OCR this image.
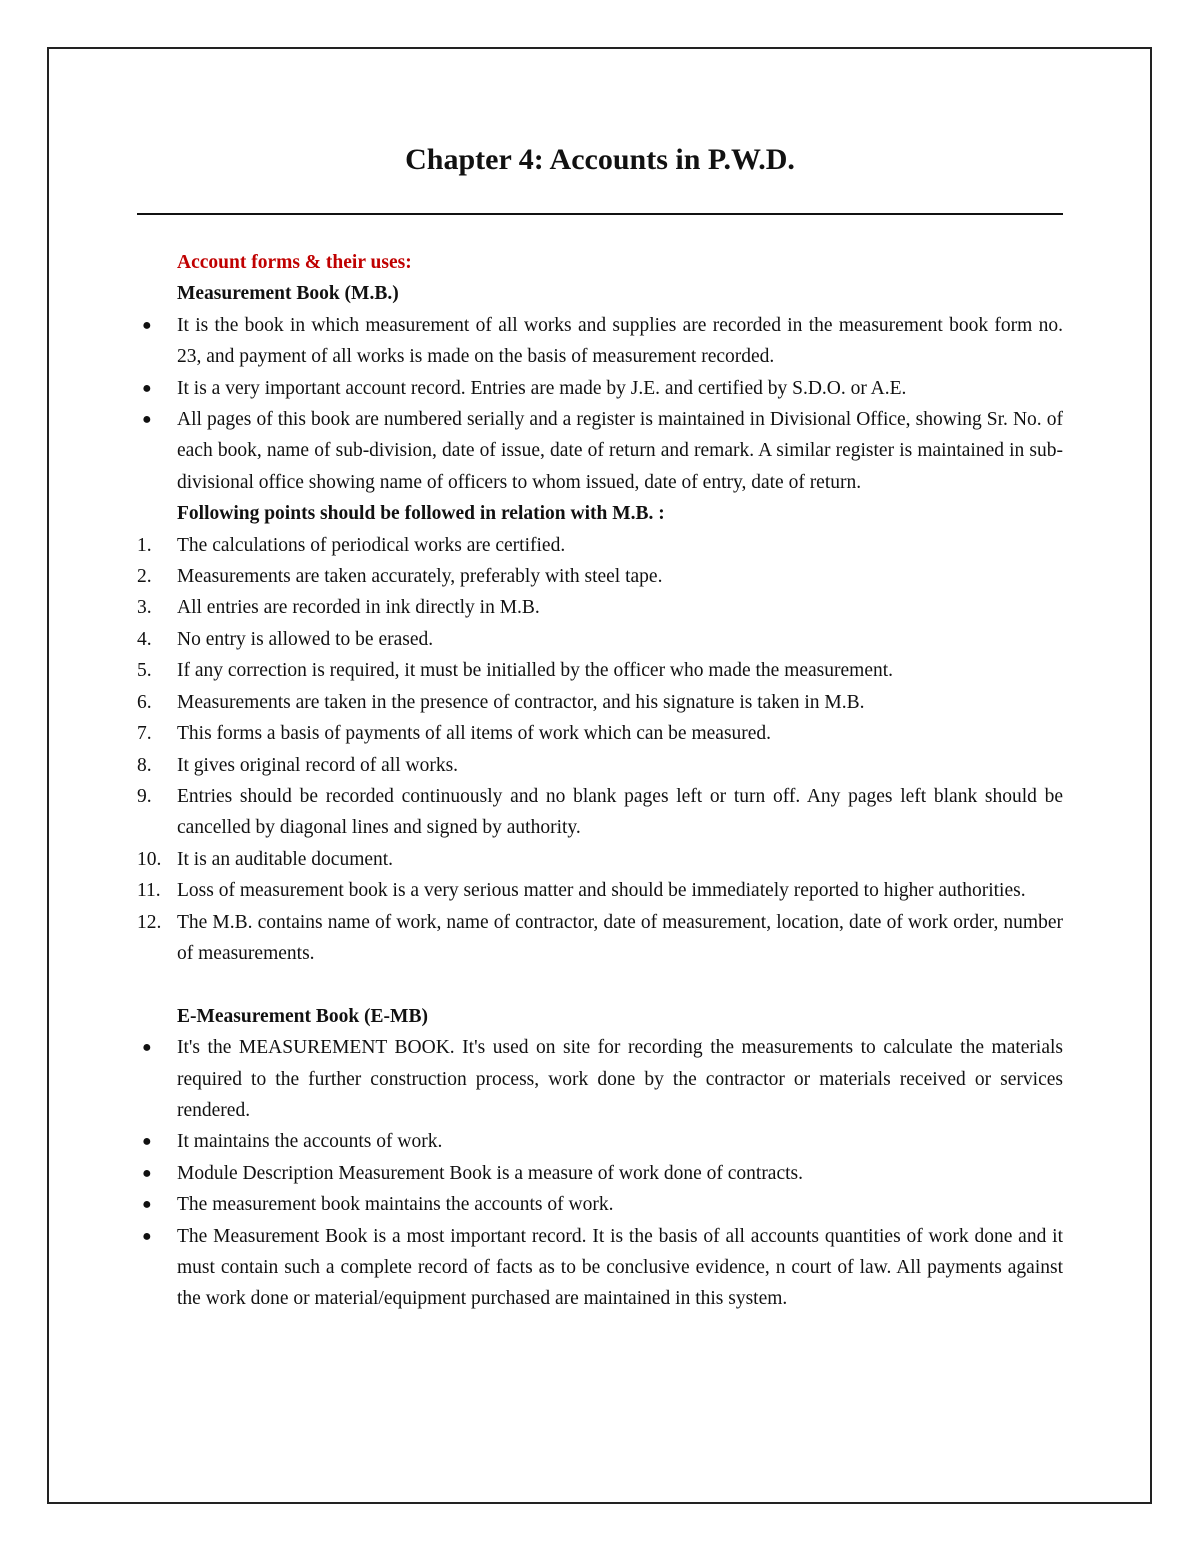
Chapter 4: Accounts in P.W.D.

Account forms & their uses:

Measurement Book (M.B.)

●	It is the book in which measurement of all works and supplies are recorded in the measurement book form no. 23, and payment of all works is made on the basis of measurement recorded.
●	It is a very important account record. Entries are made by J.E. and certified by S.D.O. or A.E.
●	All pages of this book are numbered serially and a register is maintained in Divisional Office, showing Sr. No. of each book, name of sub-division, date of issue, date of return and remark. A similar register is maintained in sub-divisional office showing name of officers to whom issued, date of entry, date of return.

Following points should be followed in relation with M.B. :

1.	The calculations of periodical works are certified.
2.	Measurements are taken accurately, preferably with steel tape.
3.	All entries are recorded in ink directly in M.B.
4.	No entry is allowed to be erased.
5.	If any correction is required, it must be initialled by the officer who made the measurement.
6.	Measurements are taken in the presence of contractor, and his signature is taken in M.B.
7.	This forms a basis of payments of all items of work which can be measured.
8.	It gives original record of all works.
9.	Entries should be recorded continuously and no blank pages left or turn off. Any pages left blank should be cancelled by diagonal lines and signed by authority.
10. It is an auditable document.
11. Loss of measurement book is a very serious matter and should be immediately reported to higher authorities.
12. The M.B. contains name of work, name of contractor, date of measurement, location, date of work order, number of measurements.

E-Measurement Book (E-MB)

●	It's the MEASUREMENT BOOK. It's used on site for recording the measurements to calculate the materials required to the further construction process, work done by the contractor or materials received or services rendered.
●	It maintains the accounts of work.
●	Module Description Measurement Book is a measure of work done of contracts.
●	The measurement book maintains the accounts of work.
●	The Measurement Book is a most important record. It is the basis of all accounts quantities of work done and it must contain such a complete record of facts as to be conclusive evidence, n court of law. All payments against the work done or material/equipment purchased are maintained in this system.
